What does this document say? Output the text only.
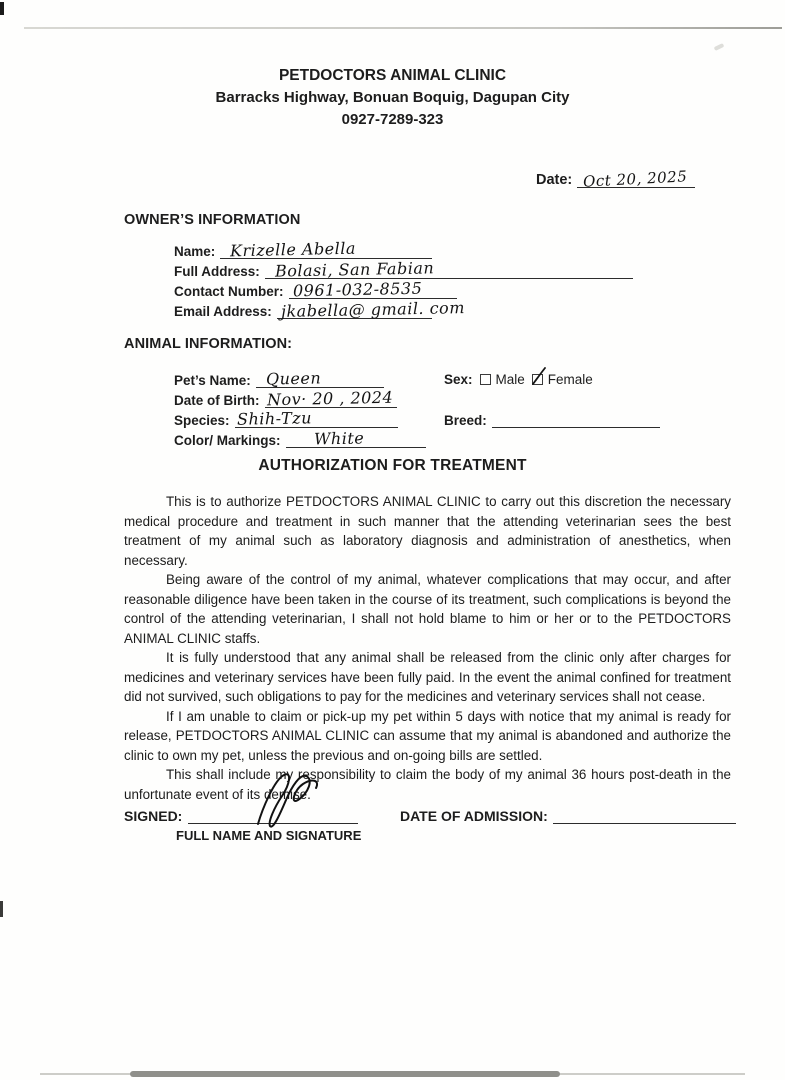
PETDOCTORS ANIMAL CLINIC
Barracks Highway, Bonuan Boquig, Dagupan City
0927-7289-323
Date: Oct 20, 2025
OWNER’S INFORMATION
Name: Krizelle Abella
Full Address: Bolasi, San Fabian
Contact Number: 0961-032-8535
Email Address: jkabella@ gmail. com
ANIMAL INFORMATION:
Pet’s Name: Queen	Sex: Male Female
Date of Birth: Nov· 20 , 2024
Species: Shih-Tzu	Breed:
Color/ Markings: White
AUTHORIZATION FOR TREATMENT

This is to authorize PETDOCTORS ANIMAL CLINIC to carry out this discretion the necessary medical procedure and treatment in such manner that the attending veterinarian sees the best treatment of my animal such as laboratory diagnosis and administration of anesthetics, when necessary.

Being aware of the control of my animal, whatever complications that may occur, and after reasonable diligence have been taken in the course of its treatment, such complications is beyond the control of the attending veterinarian, I shall not hold blame to him or her or to the PETDOCTORS ANIMAL CLINIC staffs.

It is fully understood that any animal shall be released from the clinic only after charges for medicines and veterinary services have been fully paid. In the event the animal confined for treatment did not survived, such obligations to pay for the medicines and veterinary services shall not cease.

If I am unable to claim or pick-up my pet within 5 days with notice that my animal is ready for release, PETDOCTORS ANIMAL CLINIC can assume that my animal is abandoned and authorize the clinic to own my pet, unless the previous and on-going bills are settled.

This shall include my responsibility to claim the body of my animal 36 hours post-death in the unfortunate event of its demise.

SIGNED:
FULL NAME AND SIGNATURE
DATE OF ADMISSION:
